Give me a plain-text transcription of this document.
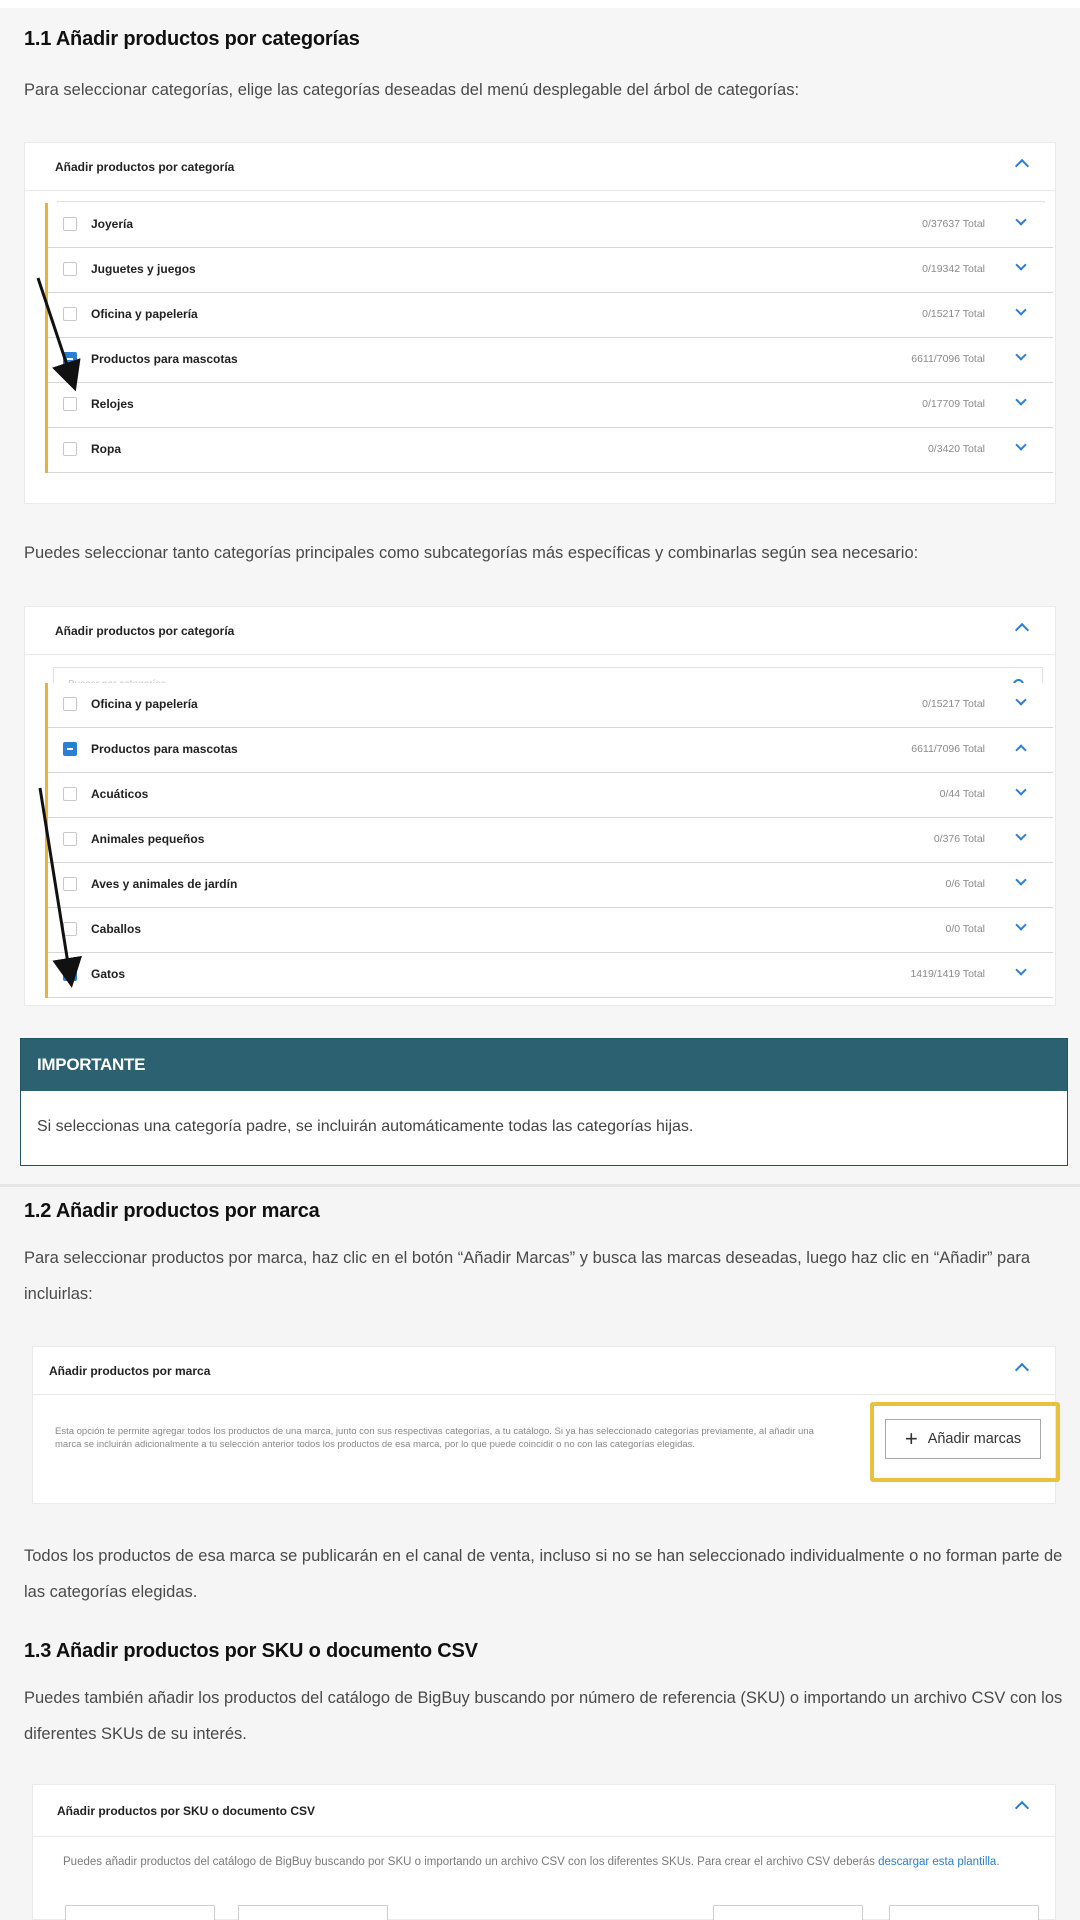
1.1 Añadir productos por categorías

Para seleccionar categorías, elige las categorías deseadas del menú desplegable del árbol de categorías:

Añadir productos por categoría
Buscar por categorías
Joyería	0/37637 Total
Juguetes y juegos	0/19342 Total
Oficina y papelería	0/15217 Total
Productos para mascotas	6611/7096 Total
Relojes	0/17709 Total
Ropa	0/3420 Total

Puedes seleccionar tanto categorías principales como subcategorías más específicas y combinarlas según sea necesario:

Añadir productos por categoría
Buscar por categorías
Oficina y papelería	0/15217 Total
Productos para mascotas	6611/7096 Total
Acuáticos	0/44 Total
Animales pequeños	0/376 Total
Aves y animales de jardín	0/6 Total
Caballos	0/0 Total
Gatos	1419/1419 Total
IMPORTANTE
Si seleccionas una categoría padre, se incluirán automáticamente todas las categorías hijas.
1.2 Añadir productos por marca

Para seleccionar productos por marca, haz clic en el botón “Añadir Marcas” y busca las marcas deseadas, luego haz clic en “Añadir” para incluirlas:

Añadir productos por marca
Esta opción te permite agregar todos los productos de una marca, junto con sus respectivas categorías, a tu catálogo. Si ya has seleccionado categorías previamente, al añadir una marca se incluirán adicionalmente a tu selección anterior todos los productos de esa marca, por lo que puede coincidir o no con las categorías elegidas.	+ Añadir marcas

Todos los productos de esa marca se publicarán en el canal de venta, incluso si no se han seleccionado individualmente o no forman parte de las categorías elegidas.

1.3 Añadir productos por SKU o documento CSV

Puedes también añadir los productos del catálogo de BigBuy buscando por número de referencia (SKU) o importando un archivo CSV con los diferentes SKUs de su interés.

Añadir productos por SKU o documento CSV
Puedes añadir productos del catálogo de BigBuy buscando por SKU o importando un archivo CSV con los diferentes SKUs. Para crear el archivo CSV deberás descargar esta plantilla.
